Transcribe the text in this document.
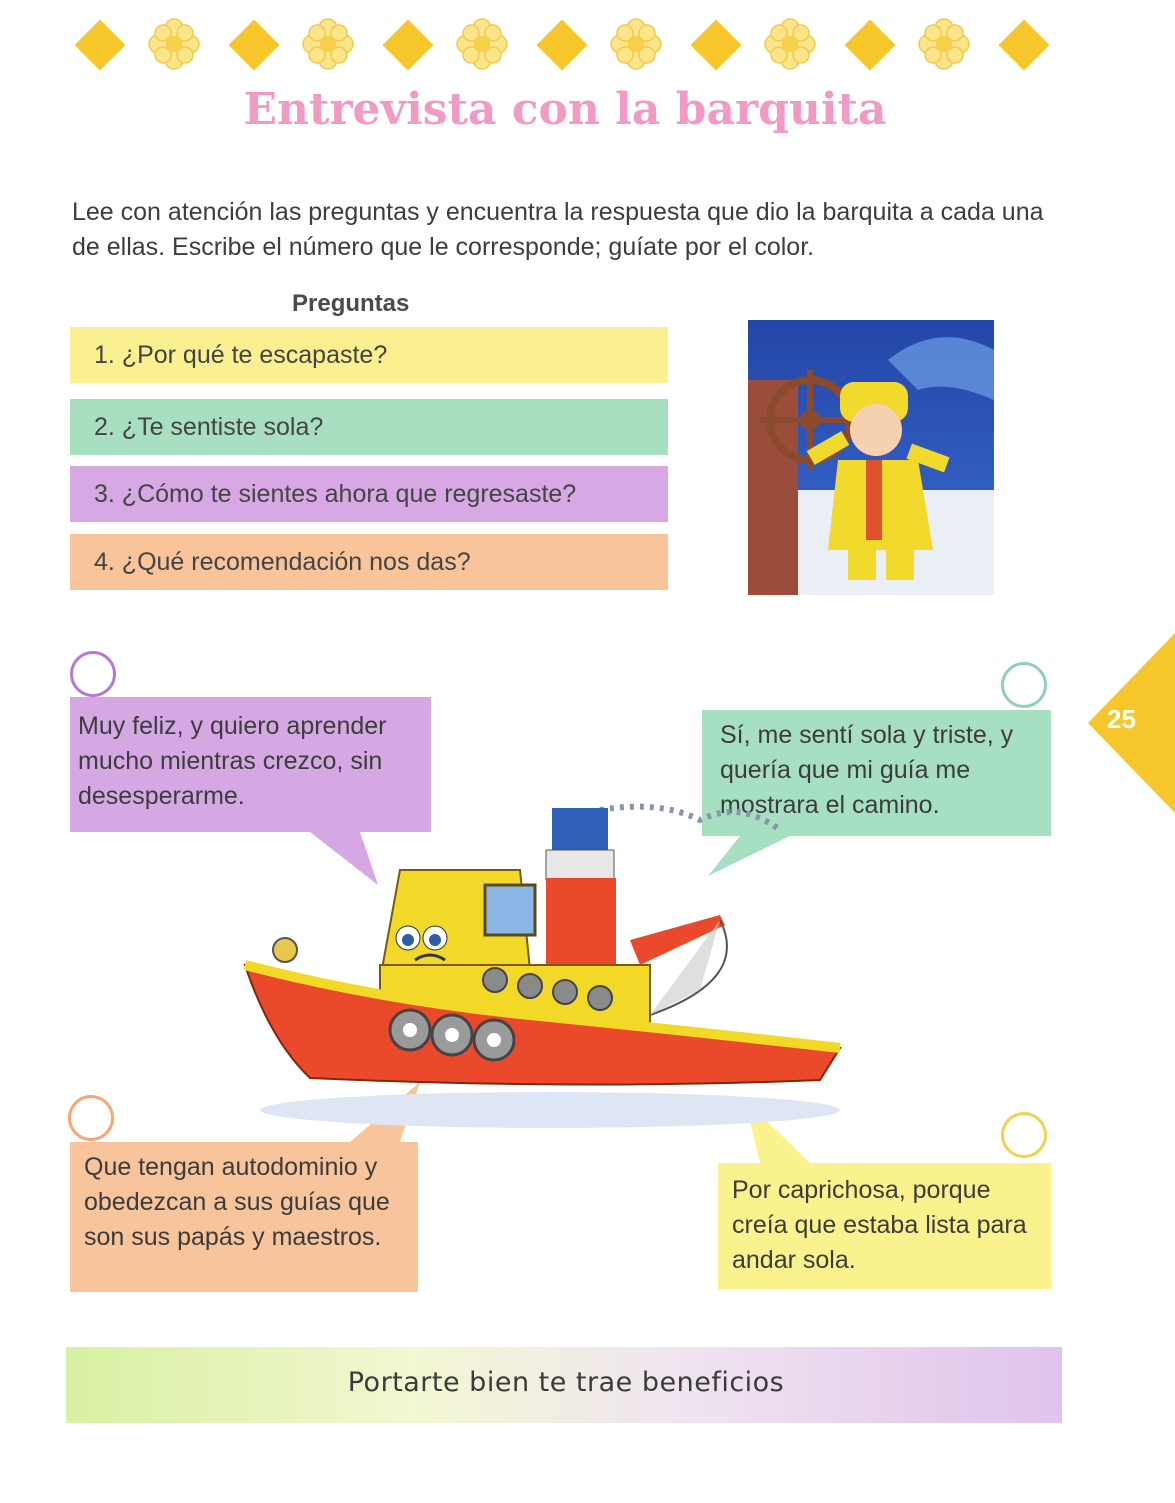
Entrevista con la barquita
Lee con atención las preguntas y encuentra la respuesta que dio la barquita a cada una de ellas. Escribe el número que le corresponde; guíate por el color.
Preguntas
1. ¿Por qué te escapaste?
2. ¿Te sentiste sola?
3. ¿Cómo te sientes ahora que regresaste?
4. ¿Qué recomendación nos das?
Muy feliz, y quiero aprender mucho mientras crezco, sin desesperarme.
Sí, me sentí sola y triste, y quería que mi guía me mostrara el camino.
Que tengan autodominio y obedezcan a sus guías que son sus papás y maestros.
Por caprichosa, porque creía que estaba lista para andar sola.
25
Portarte bien te trae beneficios
